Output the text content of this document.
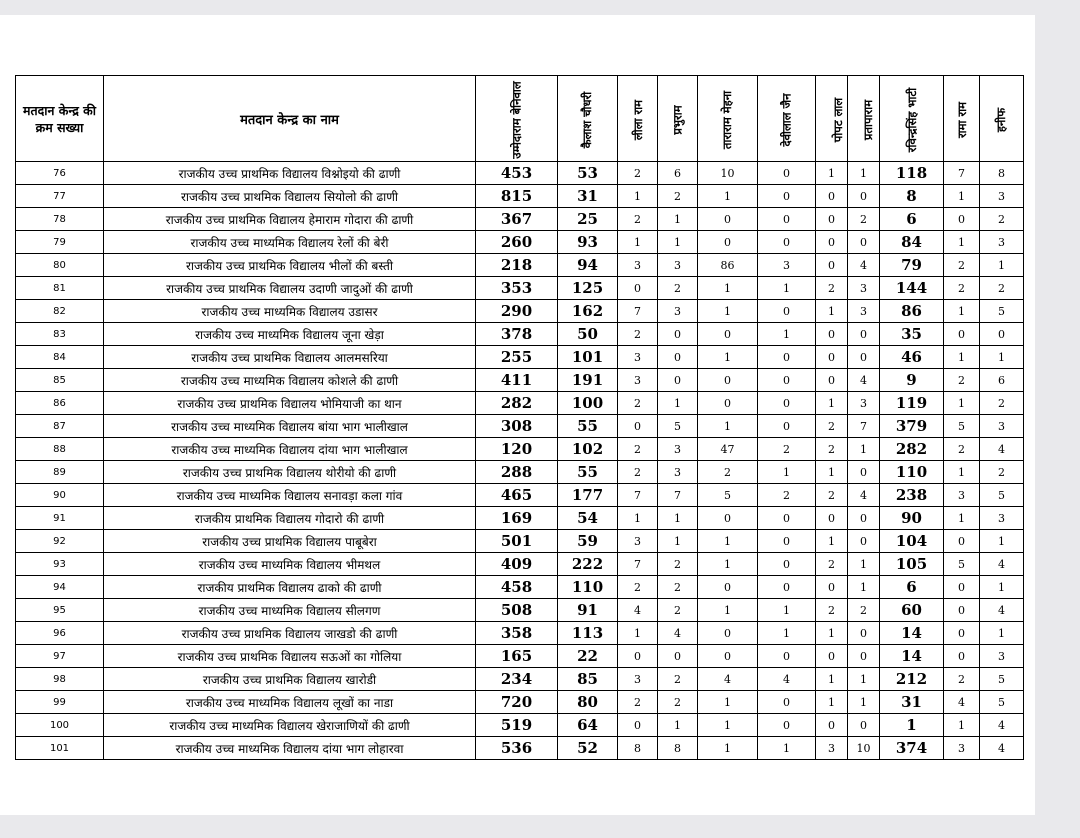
मतदान केन्द्र की क्रम सख्या	मतदान केन्द्र का नाम	उम्मेदाराम बेनिवाल	कैलाश चौधरी	लीला राम	प्रभुराम	ताराराम मेहना	देवीलाल जैन	पोपट लाल	प्रतापाराम	रविन्द्रसिंह भाटी	रामा राम	हनीफ
76	राजकीय उच्च प्राथमिक विद्यालय विश्नोइयो की ढाणी	453	53	2	6	10	0	1	1	118	7	8
77	राजकीय उच्च प्राथमिक विद्यालय सियोलो की ढाणी	815	31	1	2	1	0	0	0	8	1	3
78	राजकीय उच्च प्राथमिक विद्यालय हेमाराम गोदारा की ढाणी	367	25	2	1	0	0	0	2	6	0	2
79	राजकीय उच्च माध्यमिक विद्यालय रेलों की बेरी	260	93	1	1	0	0	0	0	84	1	3
80	राजकीय उच्च प्राथमिक विद्यालय भीलों की बस्ती	218	94	3	3	86	3	0	4	79	2	1
81	राजकीय उच्च प्राथमिक विद्यालय उदाणी जादुओं की ढाणी	353	125	0	2	1	1	2	3	144	2	2
82	राजकीय उच्च माध्यमिक विद्यालय उडासर	290	162	7	3	1	0	1	3	86	1	5
83	राजकीय उच्च माध्यमिक विद्यालय जूना खेड़ा	378	50	2	0	0	1	0	0	35	0	0
84	राजकीय उच्च प्राथमिक विद्यालय आलमसरिया	255	101	3	0	1	0	0	0	46	1	1
85	राजकीय उच्च माध्यमिक विद्यालय कोशले की ढाणी	411	191	3	0	0	0	0	4	9	2	6
86	राजकीय उच्च प्राथमिक विद्यालय भोमियाजी का थान	282	100	2	1	0	0	1	3	119	1	2
87	राजकीय उच्च माध्यमिक विद्यालय बांया भाग भालीखाल	308	55	0	5	1	0	2	7	379	5	3
88	राजकीय उच्च माध्यमिक विद्यालय दांया भाग भालीखाल	120	102	2	3	47	2	2	1	282	2	4
89	राजकीय उच्च प्राथमिक विद्यालय थोरीयो की ढाणी	288	55	2	3	2	1	1	0	110	1	2
90	राजकीय उच्च माध्यमिक विद्यालय सनावड़ा कला गांव	465	177	7	7	5	2	2	4	238	3	5
91	राजकीय प्राथमिक विद्यालय गोदारो की ढाणी	169	54	1	1	0	0	0	0	90	1	3
92	राजकीय उच्च प्राथमिक विद्यालय पाबूबेरा	501	59	3	1	1	0	1	0	104	0	1
93	राजकीय उच्च माध्यमिक विद्यालय भीमथल	409	222	7	2	1	0	2	1	105	5	4
94	राजकीय प्राथमिक विद्यालय ढाको की ढाणी	458	110	2	2	0	0	0	1	6	0	1
95	राजकीय उच्च माध्यमिक विद्यालय सीलगण	508	91	4	2	1	1	2	2	60	0	4
96	राजकीय उच्च प्राथमिक विद्यालय जाखडो की ढाणी	358	113	1	4	0	1	1	0	14	0	1
97	राजकीय उच्च प्राथमिक विद्यालय सऊओं का गोलिया	165	22	0	0	0	0	0	0	14	0	3
98	राजकीय उच्च प्राथमिक विद्यालय खारोडी	234	85	3	2	4	4	1	1	212	2	5
99	राजकीय उच्च माध्यमिक विद्यालय लूखों का नाडा	720	80	2	2	1	0	1	1	31	4	5
100	राजकीय उच्च माध्यमिक विद्यालय खेराजाणियों की ढाणी	519	64	0	1	1	0	0	0	1	1	4
101	राजकीय उच्च माध्यमिक विद्यालय दांया भाग लोहारवा	536	52	8	8	1	1	3	10	374	3	4
